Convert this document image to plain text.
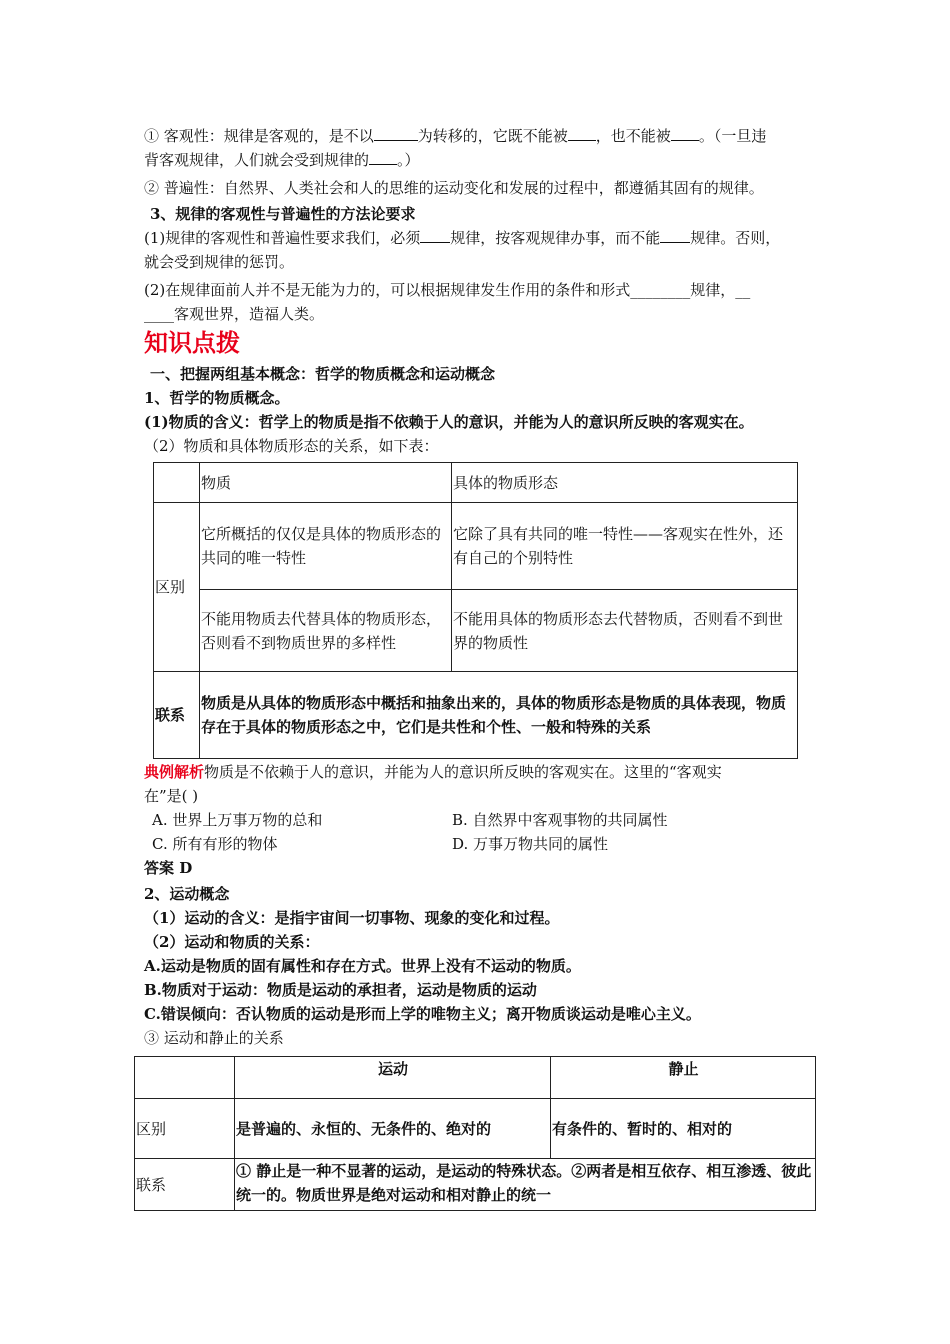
① 客观性：规律是客观的，是不以	为转移的，它既不能被 ，也不能被 。（一旦违

背客观规律，人们就会受到规律的 。）

② 普遍性：自然界、人类社会和人的思维的运动变化和发展的过程中，都遵循其固有的规律。

3、规律的客观性与普遍性的方法论要求

(1)规律的客观性和普遍性要求我们，必须 规律，按客观规律办事，而不能 规律。否则，

就会受到规律的惩罚。

(2)在规律面前人并不是无能为力的，可以根据规律发生作用的条件和形式________规律，__

____客观世界，造福人类。

知识点拨

一、把握两组基本概念：哲学的物质概念和运动概念

1、哲学的物质概念。

(1)物质的含义：哲学上的物质是指不依赖于人的意识，并能为人的意识所反映的客观实在。

（2）物质和具体物质形态的关系，如下表：

	物质	具体的物质形态
区别	它所概括的仅仅是具体的物质形态的共同的唯一特性	它除了具有共同的唯一特性——客观实在性外，还有自己的个别特性
	不能用物质去代替具体的物质形态，否则看不到物质世界的多样性	不能用具体的物质形态去代替物质，否则看不到世界的物质性
联系	物质是从具体的物质形态中概括和抽象出来的，具体的物质形态是物质的具体表现，物质存在于具体的物质形态之中，它们是共性和个性、一般和特殊的关系	

典例解析物质是不依赖于人的意识，并能为人的意识所反映的客观实在。这里的“客观实

在”是( )

A. 世界上万事万物的总和	B. 自然界中客观事物的共同属性
C. 所有有形的物体	D. 万事万物共同的属性

答案 D

2、运动概念

（1）运动的含义：是指宇宙间一切事物、现象的变化和过程。

（2）运动和物质的关系：

A.运动是物质的固有属性和存在方式。世界上没有不运动的物质。

B.物质对于运动：物质是运动的承担者，运动是物质的运动

C.错误倾向：否认物质的运动是形而上学的唯物主义；离开物质谈运动是唯心主义。

③ 运动和静止的关系

	运动	静止
区别	是普遍的、永恒的、无条件的、绝对的	有条件的、暂时的、相对的
联系	① 静止是一种不显著的运动，是运动的特殊状态。②两者是相互依存、相互渗透、彼此统一的。物质世界是绝对运动和相对静止的统一	
